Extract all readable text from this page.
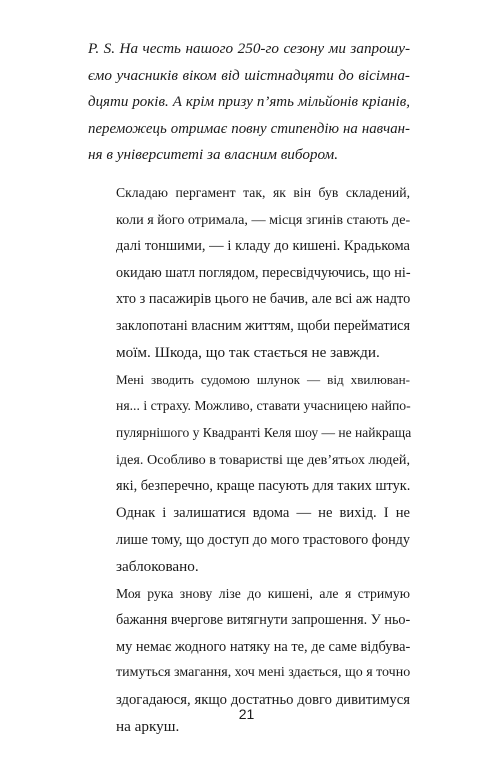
P. S. На честь нашого 250-го сезону ми запрошу-
ємо учасників віком від шістнадцяти до вісімна-
дцяти років. А крім призу п’ять мільйонів кріанів,
переможець отримає повну стипендію на навчан-
ня в університеті за власним вибором.

Складаю пергамент так, як він був складений,
коли я його отримала, — місця згинів стають де-
далі тоншими, — і кладу до кишені. Крадькома
окидаю шатл поглядом, пересвідчуючись, що ні-
хто з пасажирів цього не бачив, але всі аж надто
заклопотані власним життям, щоби перейматися
моїм. Шкода, що так стається не завжди.

Мені зводить судомою шлунок — від хвилюван-
ня... і страху. Можливо, ставати учасницею найпо-
пулярнішого у Квадранті Келя шоу — не найкраща
ідея. Особливо в товаристві ще дев’ятьох людей,
які, безперечно, краще пасують для таких штук.

Однак і залишатися вдома — не вихід. І не
лише тому, що доступ до мого трастового фонду
заблоковано.

Моя рука знову лізе до кишені, але я стримую
бажання вчергове витягнути запрошення. У ньо-
му немає жодного натяку на те, де саме відбува-
тимуться змагання, хоч мені здається, що я точно
здогадаюся, якщо достатньо довго дивитимуся
на аркуш.

21
